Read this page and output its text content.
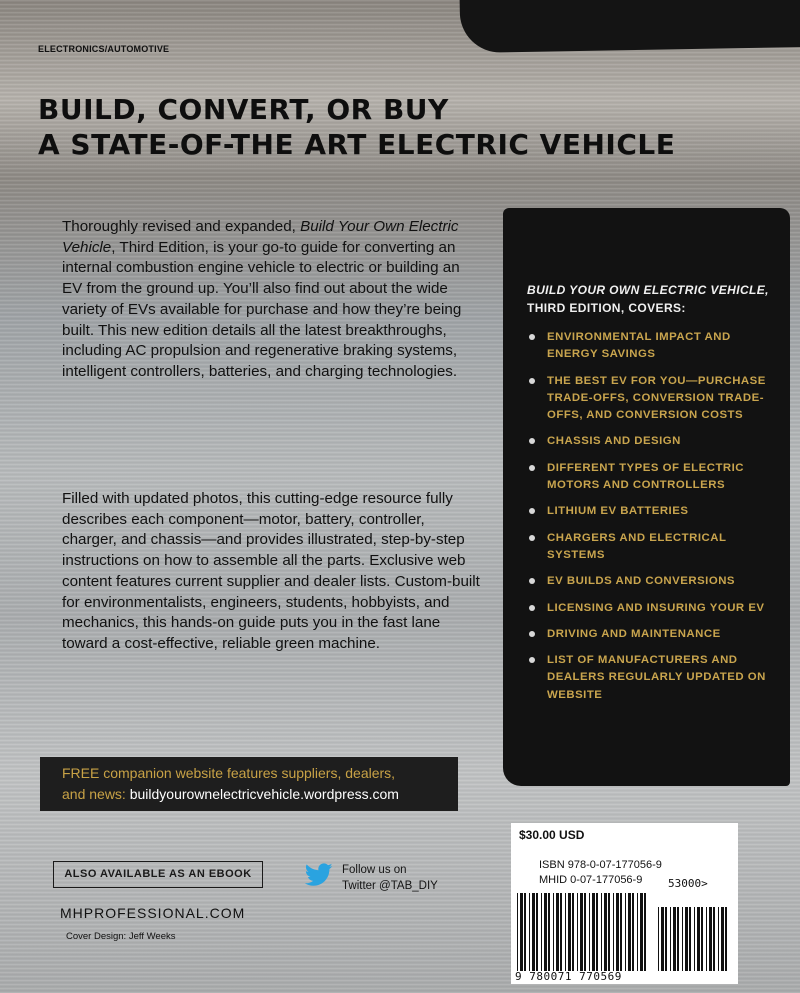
ELECTRONICS/AUTOMOTIVE
BUILD, CONVERT, OR BUY
A STATE-OF-THE ART ELECTRIC VEHICLE

Thoroughly revised and expanded, Build Your Own Electric Vehicle, Third Edition, is your go-to guide for converting an internal combustion engine vehicle to electric or building an EV from the ground up. You’ll also find out about the wide variety of EVs available for purchase and how they’re being built. This new edition details all the latest breakthroughs, including AC propulsion and regenerative braking systems, intelligent controllers, batteries, and charging technologies.

Filled with updated photos, this cutting-edge resource fully describes each component—motor, battery, controller, charger, and chassis—and provides illustrated, step-by-step instructions on how to assemble all the parts. Exclusive web content features current supplier and dealer lists. Custom-built for environmentalists, engineers, students, hobbyists, and mechanics, this hands-on guide puts you in the fast lane toward a cost-effective, reliable green machine.

FREE companion website features suppliers, dealers,
and news: buildyourownelectricvehicle.wordpress.com
BUILD YOUR OWN ELECTRIC VEHICLE, THIRD EDITION, COVERS:
ENVIRONMENTAL IMPACT AND ENERGY SAVINGS
THE BEST EV FOR YOU—PURCHASE TRADE-OFFS, CONVERSION TRADE-OFFS, AND CONVERSION COSTS
CHASSIS AND DESIGN
DIFFERENT TYPES OF ELECTRIC MOTORS AND CONTROLLERS
LITHIUM EV BATTERIES
CHARGERS AND ELECTRICAL SYSTEMS
EV BUILDS AND CONVERSIONS
LICENSING AND INSURING YOUR EV
DRIVING AND MAINTENANCE
LIST OF MANUFACTURERS AND DEALERS REGULARLY UPDATED ON WEBSITE
$30.00 USD
ISBN 978-0-07-177056-9
MHID 0-07-177056-9
9 780071 770569
53000>
ALSO AVAILABLE AS AN EBOOK	Follow us on
Twitter @TAB_DIY
MHPROFESSIONAL.COM
Cover Design: Jeff Weeks
